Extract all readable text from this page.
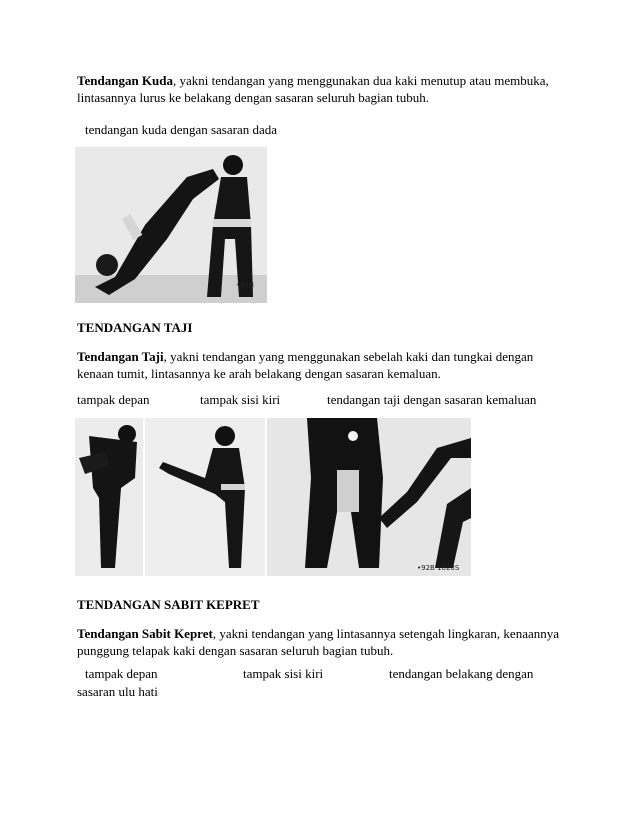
Tendangan Kuda, yakni tendangan yang menggunakan dua kaki menutup atau membuka, lintasannya lurus ke belakang dengan sasaran seluruh bagian tubuh.

tendangan kuda dengan sasaran dada
•92B
TENDANGAN TAJI

Tendangan Taji, yakni tendangan yang menggunakan sebelah kaki dan tungkai dengan kenaan tumit, lintasannya ke arah belakang dengan sasaran kemaluan.

tampak depan	tampak sisi kiri	tendangan taji dengan sasaran kemaluan
•92B 1828S
TENDANGAN SABIT KEPRET

Tendangan Sabit Kepret, yakni tendangan yang lintasannya setengah lingkaran, kenaannya punggung telapak kaki dengan sasaran seluruh bagian tubuh.

tampak depan	tampak sisi kiri	tendangan belakang dengan
sasaran ulu hati
